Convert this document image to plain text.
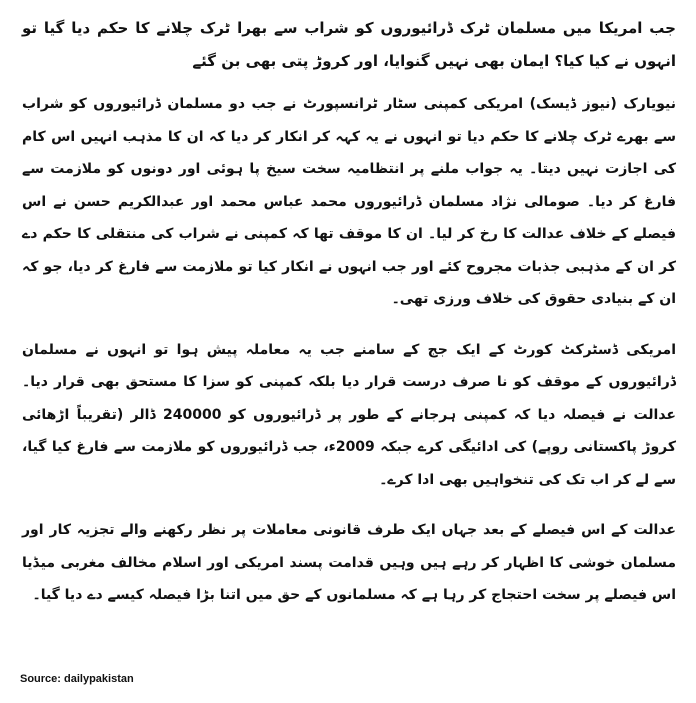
جب امریکا میں مسلمان ٹرک ڈرائیوروں کو شراب سے بھرا ٹرک چلانے کا حکم دیا گیا تو انہوں نے کیا کیا؟ ایمان بھی نہیں گنوایا، اور کروڑ پتی بھی بن گئے

نیویارک (نیوز ڈیسک) امریکی کمپنی سٹار ٹرانسپورٹ نے جب دو مسلمان ڈرائیوروں کو شراب سے بھرے ٹرک چلانے کا حکم دیا تو انہوں نے یہ کہہ کر انکار کر دیا کہ ان کا مذہب انہیں اس کام کی اجازت نہیں دیتا۔ یہ جواب ملنے پر انتظامیہ سخت سیخ پا ہوئی اور دونوں کو ملازمت سے فارغ کر دیا۔ صومالی نژاد مسلمان ڈرائیوروں محمد عباس محمد اور عبدالکریم حسن نے اس فیصلے کے خلاف عدالت کا رخ کر لیا۔ ان کا موقف تھا کہ کمپنی نے شراب کی منتقلی کا حکم دے کر ان کے مذہبی جذبات مجروح کئے اور جب انہوں نے انکار کیا تو ملازمت سے فارغ کر دیا، جو کہ ان کے بنیادی حقوق کی خلاف ورزی تھی۔

امریکی ڈسٹرکٹ کورٹ کے ایک جج کے سامنے جب یہ معاملہ پیش ہوا تو انہوں نے مسلمان ڈرائیوروں کے موقف کو نا صرف درست قرار دیا بلکہ کمپنی کو سزا کا مستحق بھی قرار دیا۔ عدالت نے فیصلہ دیا کہ کمپنی ہرجانے کے طور پر ڈرائیوروں کو 240000 ڈالر (تقریباً اڑھائی کروڑ پاکستانی روپے) کی ادائیگی کرے جبکہ 2009ء، جب ڈرائیوروں کو ملازمت سے فارغ کیا گیا، سے لے کر اب تک کی تنخواہیں بھی ادا کرے۔

عدالت کے اس فیصلے کے بعد جہاں ایک طرف قانونی معاملات پر نظر رکھنے والے تجزیہ کار اور مسلمان خوشی کا اظہار کر رہے ہیں وہیں قدامت پسند امریکی اور اسلام مخالف مغربی میڈیا اس فیصلے پر سخت احتجاج کر رہا ہے کہ مسلمانوں کے حق میں اتنا بڑا فیصلہ کیسے دے دیا گیا۔

Source: dailypakistan
